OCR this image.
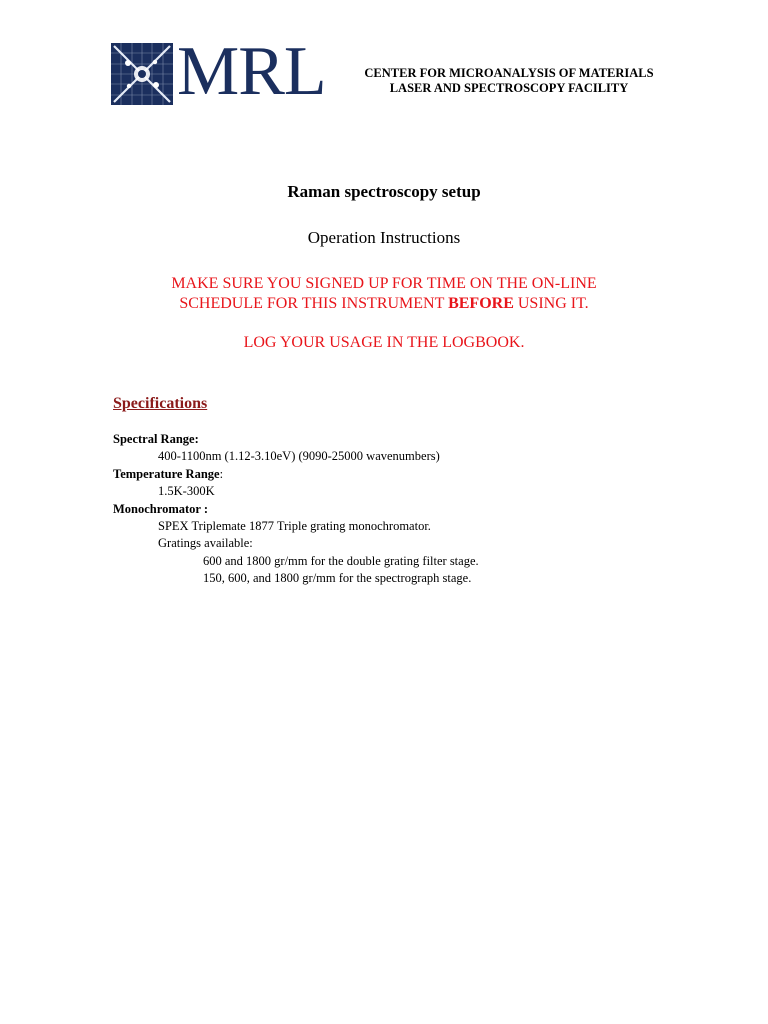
MRL	CENTER FOR MICROANALYSIS OF MATERIALS
LASER AND SPECTROSCOPY FACILITY
Raman spectroscopy setup
Operation Instructions
MAKE SURE YOU SIGNED UP FOR TIME ON THE ON-LINE
SCHEDULE FOR THIS INSTRUMENT BEFORE USING IT.
LOG YOUR USAGE IN THE LOGBOOK.
Specifications
Spectral Range:
400-1100nm (1.12-3.10eV) (9090-25000 wavenumbers)
Temperature Range:
1.5K-300K
Monochromator :
SPEX Triplemate 1877 Triple grating monochromator.
Gratings available:
600 and 1800 gr/mm for the double grating filter stage.
150, 600, and 1800 gr/mm for the spectrograph stage.
